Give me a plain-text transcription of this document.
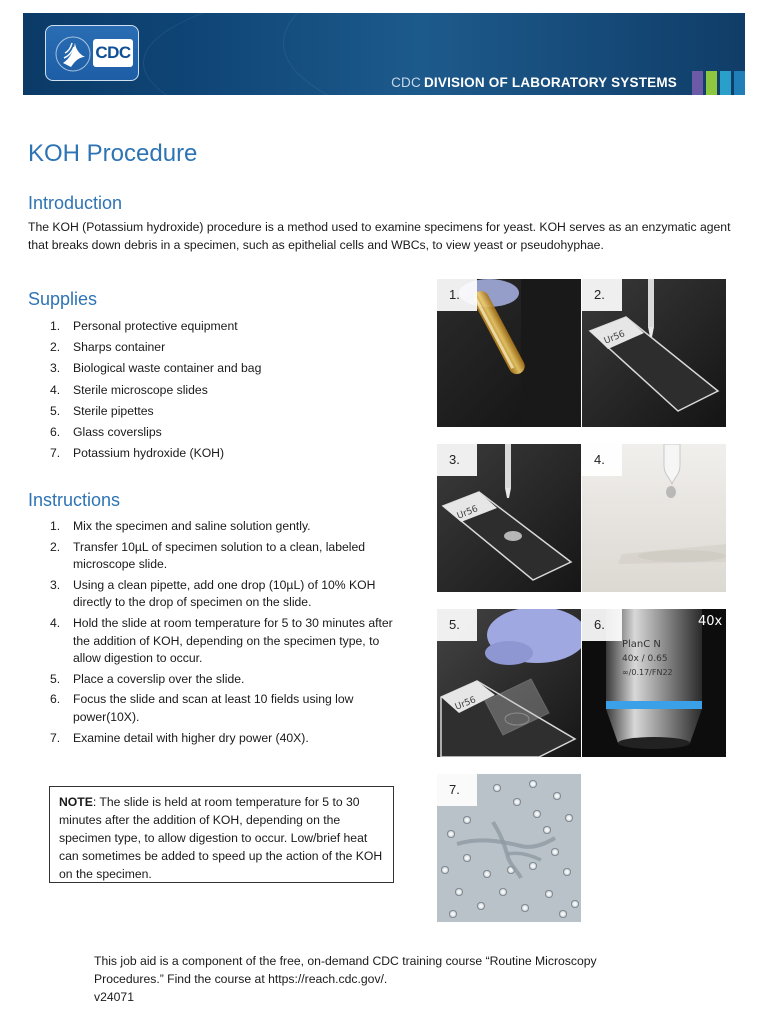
CDC
CDC DIVISION OF LABORATORY SYSTEMS
KOH Procedure
Introduction

The KOH (Potassium hydroxide) procedure is a method used to examine specimens for yeast. KOH serves as an enzymatic agent that breaks down debris in a specimen, such as epithelial cells and WBCs, to view yeast or pseudohyphae.

Supplies
1. Personal protective equipment
2. Sharps container
3. Biological waste container and bag
4. Sterile microscope slides
5. Sterile pipettes
6. Glass coverslips
7. Potassium hydroxide (KOH)
Instructions
1. Mix the specimen and saline solution gently.
2. Transfer 10µL of specimen solution to a clean, labeled microscope slide.
3. Using a clean pipette, add one drop (10µL) of 10% KOH directly to the drop of specimen on the slide.
4. Hold the slide at room temperature for 5 to 30 minutes after the addition of KOH, depending on the specimen type, to allow digestion to occur.
5. Place a coverslip over the slide.
6. Focus the slide and scan at least 10 fields using low power(10X).
7. Examine detail with higher dry power (40X).
NOTE: The slide is held at room temperature for 5 to 30 minutes after the addition of KOH, depending on the specimen type, to allow digestion to occur. Low/brief heat can sometimes be added to speed up the action of the KOH on the specimen.
1.
Ur56
2.
Ur56
3.	4.
Ur56
5.
PlanC N
40x / 0.65
∞/0.17/FN22
40x
6.
7.
This job aid is a component of the free, on-demand CDC training course “Routine Microscopy Procedures.” Find the course at https://reach.cdc.gov/.
v24071
